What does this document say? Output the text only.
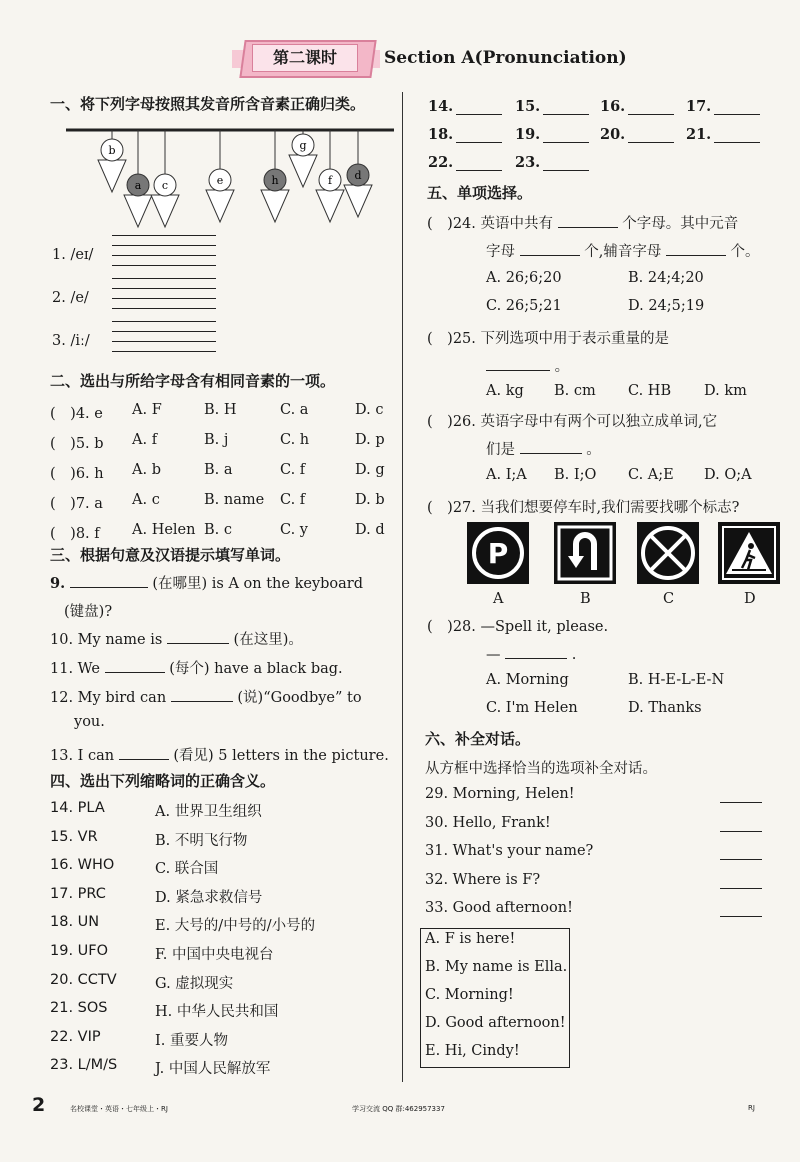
第二课时	Section A(Pronunciation)
一、将下列字母按照其发音所含音素正确归类。
b
a c	e	h
g
f d
1. /eɪ/
2. /e/
3. /iː/
二、选出与所给字母含有相同音素的一项。
(　)4. e A. F	B. H	C. a	D. c
(　)5. b A. f	B. j	C. h	D. p
(　)6. h A. b	B. a	C. f	D. g
(　)7. a A. c	B. name C. f	D. b
(　)8. f A. Helen B. c	C. y	D. d
三、根据句意及汉语提示填写单词。
9.	(在哪里) is A on the keyboard
(键盘)?
10. My name is	(在这里)。
11. We	(每个) have a black bag.
12. My bird can	(说)“Goodbye” to
you.
13. I can	(看见) 5 letters in the picture.
四、选出下列缩略词的正确含义。
14. PLA	A. 世界卫生组织
15. VR	B. 不明飞行物
16. WHO	C. 联合国
17. PRC	D. 紧急求救信号
18. UN	E. 大号的/中号的/小号的
19. UFO	F. 中国中央电视台
20. CCTV	G. 虚拟现实
21. SOS	H. 中华人民共和国
22. VIP	I. 重要人物
23. L/M/S	J. 中国人民解放军
14.	15.	16.	17.
18.	19.	20.	21.
22.	23.
五、单项选择。
(　)24. 英语中共有	个字母。其中元音
字母	个,辅音字母	个。
A. 26;6;20	B. 24;4;20
C. 26;5;21	D. 24;5;19
(　)25. 下列选项中用于表示重量的是
。
A. kg B. cm C. HB D. km
(　)26. 英语字母中有两个可以独立成单词,它
们是	。
A. I;A B. I;O C. A;E D. O;A
(　)27. 当我们想要停车时,我们需要找哪个标志?
P
A	B	C	D
(　)28. —Spell it, please.
—	.
A. Morning	B. H-E-L-E-N
C. I'm Helen	D. Thanks
六、补全对话。
从方框中选择恰当的选项补全对话。
29. Morning, Helen!
30. Hello, Frank!
31. What's your name?
32. Where is F?
33. Good afternoon!
A. F is here!
B. My name is Ella.
C. Morning!
D. Good afternoon!
E. Hi, Cindy!
2	名校课堂・英语・七年级上・RJ	学习交流 QQ 群:462957337	RJ
